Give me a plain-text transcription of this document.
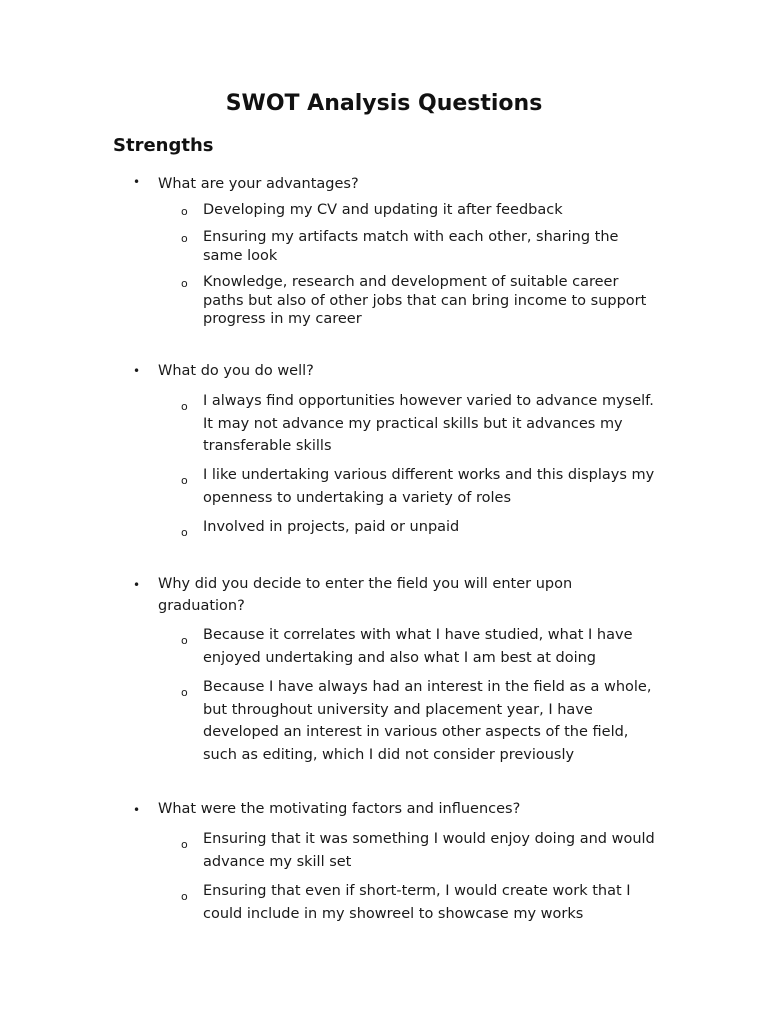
SWOT Analysis Questions
Strengths
• What are your advantages?
o Developing my CV and updating it after feedback
o Ensuring my artifacts match with each other, sharing the same look
o Knowledge, research and development of suitable career paths but also of other jobs that can bring income to support progress in my career
• What do you do well?
o I always find opportunities however varied to advance myself. It may not advance my practical skills but it advances my transferable skills
o I like undertaking various different works and this displays my openness to undertaking a variety of roles
o Involved in projects, paid or unpaid
• Why did you decide to enter the field you will enter upon graduation?
o Because it correlates with what I have studied, what I have enjoyed undertaking and also what I am best at doing
o Because I have always had an interest in the field as a whole, but throughout university and placement year, I have developed an interest in various other aspects of the field, such as editing, which I did not consider previously
• What were the motivating factors and influences?
o Ensuring that it was something I would enjoy doing and would advance my skill set
o Ensuring that even if short-term, I would create work that I could include in my showreel to showcase my works
